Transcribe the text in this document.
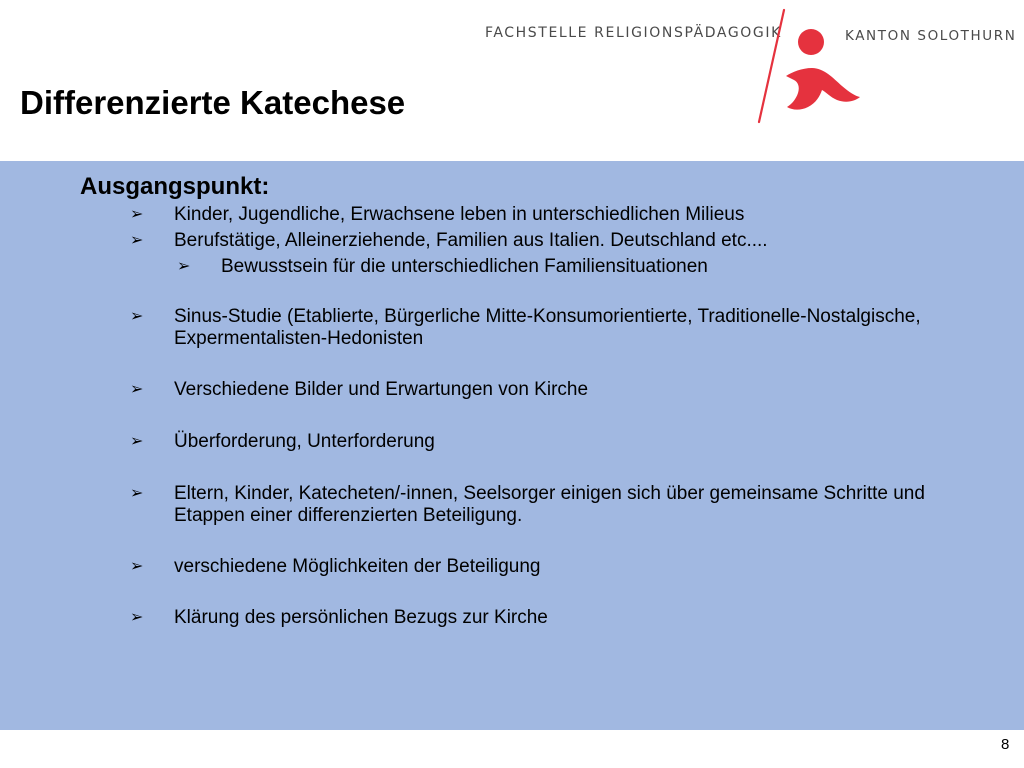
FACHSTELLE RELIGIONSPÄDAGOGIK	KANTON SOLOTHURN
Differenzierte Katechese
Ausgangspunkt:
➢ Kinder, Jugendliche, Erwachsene leben in unterschiedlichen Milieus
➢ Berufstätige, Alleinerziehende, Familien aus Italien. Deutschland etc....
➢ Bewusstsein für die unterschiedlichen Familiensituationen
➢ Sinus-Studie (Etablierte, Bürgerliche Mitte-Konsumorientierte, Traditionelle-Nostalgische, Expermentalisten-Hedonisten
➢ Verschiedene Bilder und Erwartungen von Kirche
➢ Überforderung, Unterforderung
➢ Eltern, Kinder, Katecheten/-innen, Seelsorger einigen sich über gemeinsame Schritte und Etappen einer differenzierten Beteiligung.
➢ verschiedene Möglichkeiten der Beteiligung
➢ Klärung des persönlichen Bezugs zur Kirche
8
